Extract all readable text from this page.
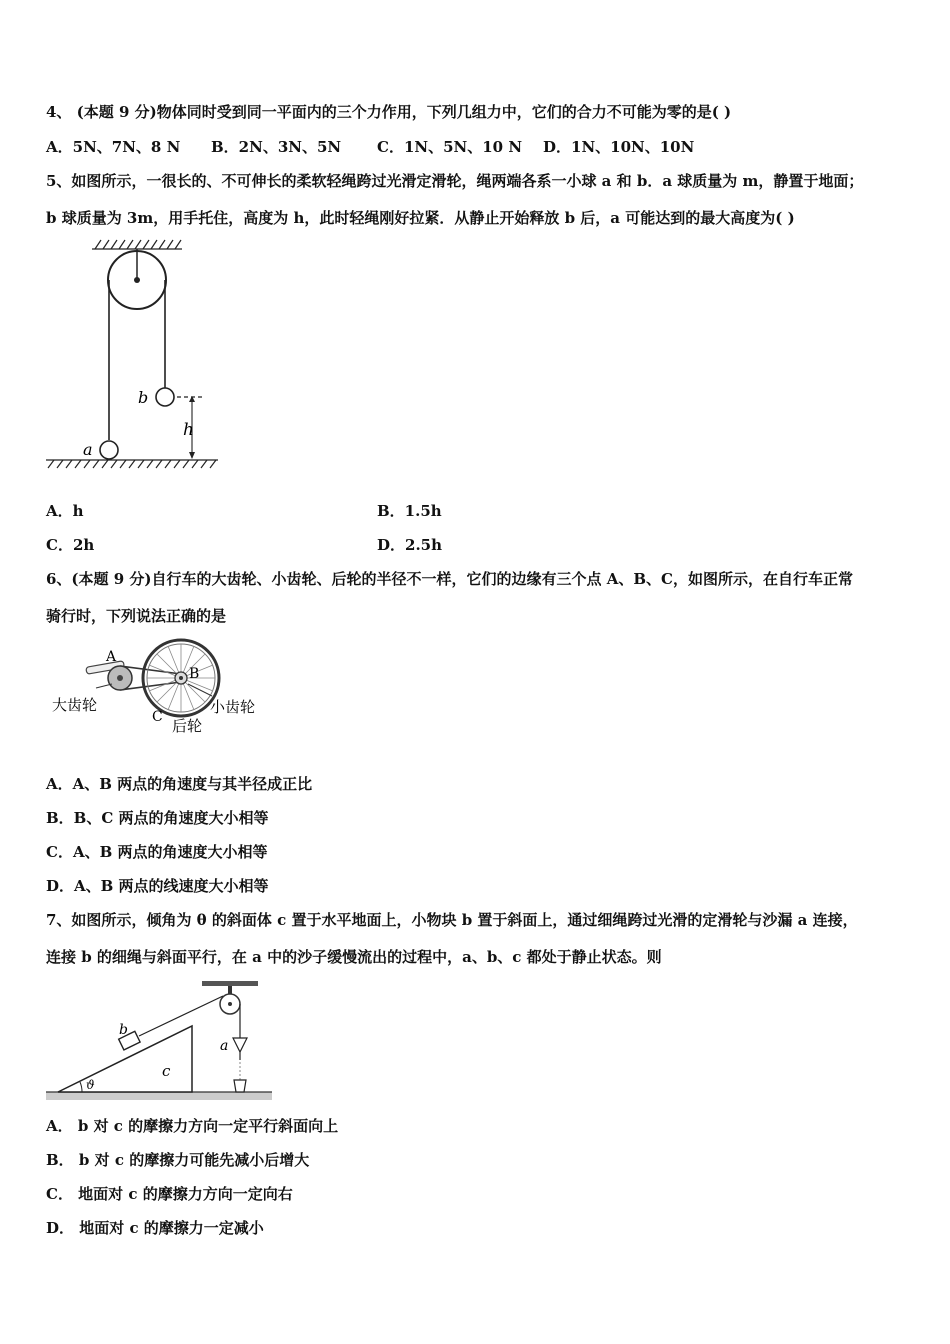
4、 (本题 9 分)物体同时受到同一平面内的三个力作用，下列几组力中，它们的合力不可能为零的是( )
A．5N、7N、8 N B．2N、3N、5N C．1N、5N、10 N D．1N、10N、10N
5、如图所示，一很长的、不可伸长的柔软轻绳跨过光滑定滑轮，绳两端各系一小球 a 和 b．a 球质量为 m，静置于地面；
b 球质量为 3m，用手托住，高度为 h，此时轻绳刚好拉紧．从静止开始释放 b 后，a 可能达到的最大高度为( )
b
h
a
A．h	B．1.5h
C．2h	D．2.5h
6、(本题 9 分)自行车的大齿轮、小齿轮、后轮的半径不一样，它们的边缘有三个点 A、B、C，如图所示，在自行车正常
骑行时，下列说法正确的是
A
B
C
大齿轮	小齿轮
后轮
A．A、B 两点的角速度与其半径成正比
B．B、C 两点的角速度大小相等
C．A、B 两点的角速度大小相等
D．A、B 两点的线速度大小相等
7、如图所示，倾角为 θ 的斜面体 c 置于水平地面上，小物块 b 置于斜面上，通过细绳跨过光滑的定滑轮与沙漏 a 连接，
连接 b 的细绳与斜面平行，在 a 中的沙子缓慢流出的过程中，a、b、c 都处于静止状态。则
b
c
a
ϑ
A． b 对 c 的摩擦力方向一定平行斜面向上
B． b 对 c 的摩擦力可能先减小后增大
C． 地面对 c 的摩擦力方向一定向右
D． 地面对 c 的摩擦力一定减小
